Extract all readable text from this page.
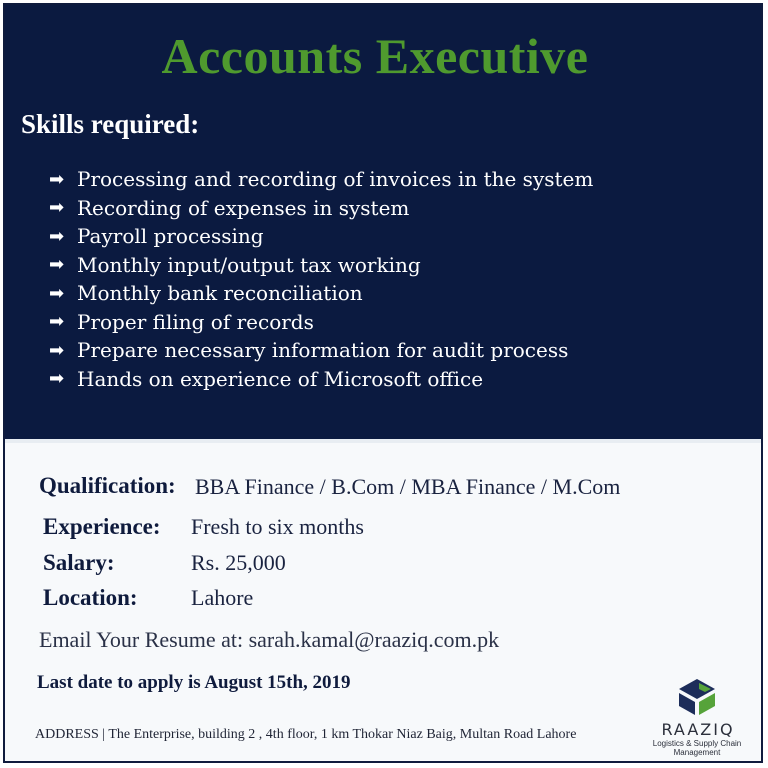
Accounts Executive
Skills required:
➡ Processing and recording of invoices in the system
➡ Recording of expenses in system
➡ Payroll processing
➡ Monthly input/output tax working
➡ Monthly bank reconciliation
➡ Proper filing of records
➡ Prepare necessary information for audit process
➡ Hands on experience of Microsoft office
Qualification: BBA Finance / B.Com / MBA Finance / M.Com
Experience: Fresh to six months
Salary:	Rs. 25,000
Location: Lahore
Email Your Resume at: sarah.kamal@raaziq.com.pk
Last date to apply is August 15th, 2019
ADDRESS | The Enterprise, building 2 , 4th floor, 1 km Thokar Niaz Baig, Multan Road Lahore	RAAZIQ
Logistics & Supply Chain Management
